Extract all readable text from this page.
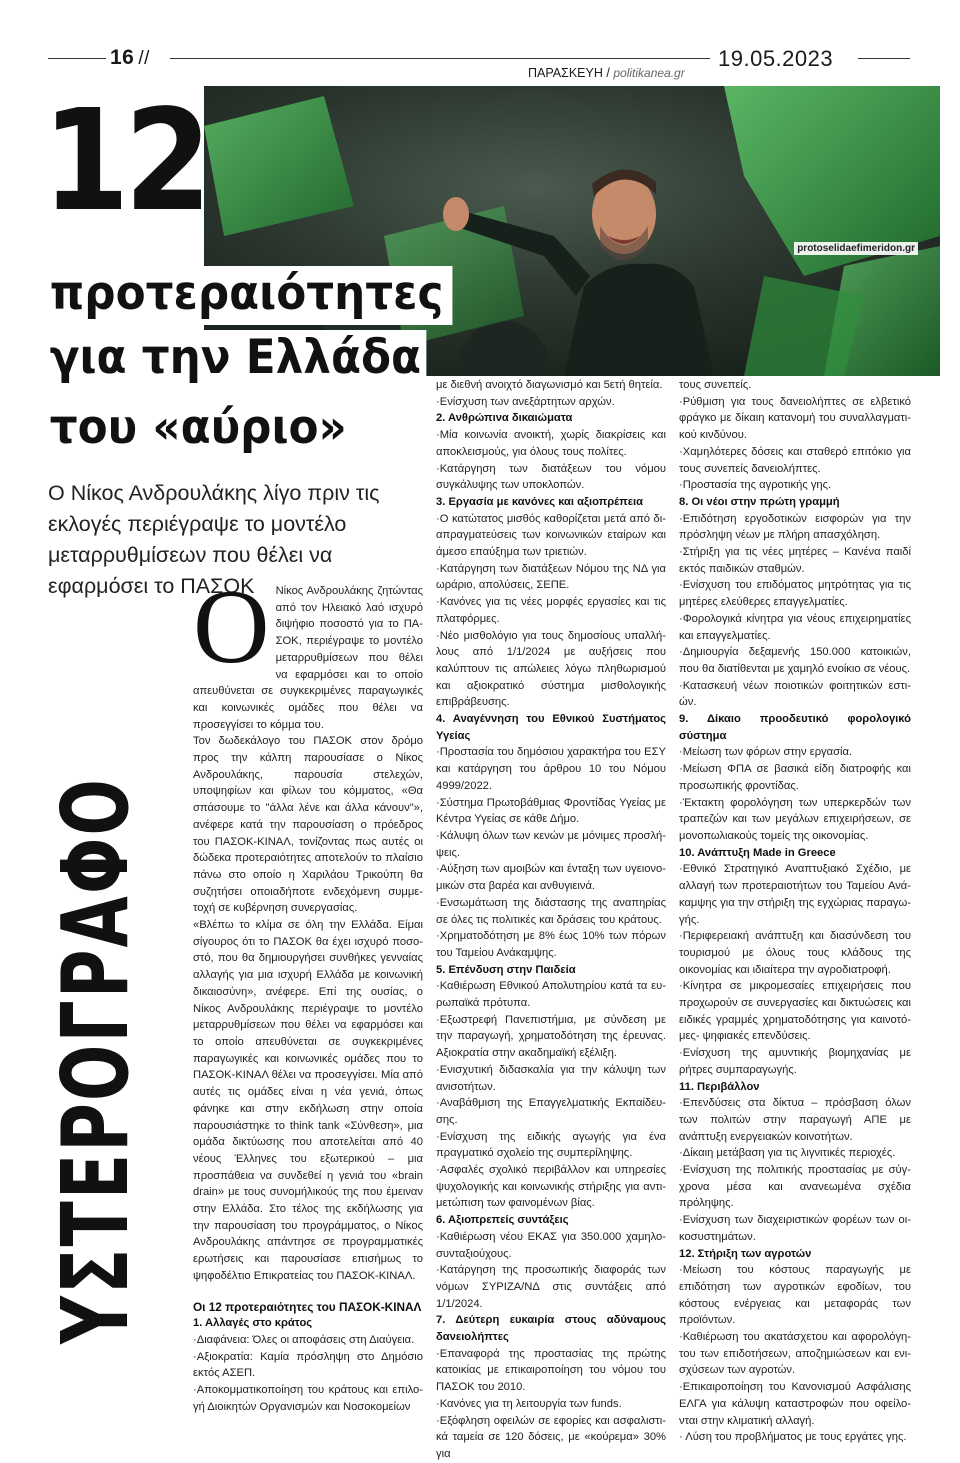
16 //
ΠΑΡΑΣΚΕΥΗ / politikanea.gr
19.05.2023
protoselidaefimeridon.gr
12
προτεραιότητες
για την Ελλάδα
του «αύριο»
Ο Νίκος Ανδρουλάκης λίγο πριν τις εκλογές περιέγραψε το μοντέλο μεταρρυθμίσεων που θέλει να εφαρμόσει το ΠΑΣΟΚ
ΥΣΤΕΡΟΓΡΑΦΟ

Ο Νίκος Ανδρουλάκης ζητώντας από τον Ηλειακό λαό ισχυρό διψήφιο ποσοστό για το ΠΑΣΟΚ, περιέγραψε το μοντέλο μεταρρυθμίσεων που θέλει να εφαρμόσει και το οποίο απευθύνεται σε συγκεκριμένες παραγωγικές και κοινωνικές ομάδες που θέλει να προσεγγίσει το κόμμα του.

Τον δωδεκάλογο του ΠΑΣΟΚ στον δρόμο προς την κάλπη παρουσίασε ο Νίκος Ανδρουλάκης, παρουσία στελεχών, υποψηφίων και φίλων του κόμματος, «Θα σπάσουμε το "άλλα λένε και άλλα κάνουν"», ανέφερε κατά την παρουσίαση ο πρόεδρος του ΠΑΣΟΚ-ΚΙΝΑΛ, τονίζοντας πως αυτές οι δώδεκα προτεραιότητες αποτελούν το πλαίσιο πάνω στο οποίο η Χαριλάου Τρικούπη θα συζητήσει οποιαδήποτε ενδεχόμενη συμμετοχή σε κυβέρνηση συνεργασίας.

«Βλέπω το κλίμα σε όλη την Ελλάδα. Είμαι σίγουρος ότι το ΠΑΣΟΚ θα έχει ισχυρό ποσοστό, που θα δημιουργήσει συνθήκες γενναίας αλλαγής για μια ισχυρή Ελλάδα με κοινωνική δικαιοσύνη», ανέφερε. Επί της ουσίας, ο Νίκος Ανδρουλάκης περιέγραψε το μοντέλο μεταρρυθμίσεων που θέλει να εφαρμόσει και το οποίο απευθύνεται σε συγκεκριμένες παραγωγικές και κοινωνικές ομάδες που το ΠΑΣΟΚ-ΚΙΝΑΛ θέλει να προσεγγίσει. Μία από αυτές τις ομάδες είναι η νέα γενιά, όπως φάνηκε και στην εκδήλωση στην οποία παρουσιάστηκε το think tank «Σύνθεση», μια ομάδα δικτύωσης που αποτελείται από 40 νέους Έλληνες του εξωτερικού – μια προσπάθεια να συνδεθεί η γενιά του «brain drain» με τους συνομήλικούς της που έμειναν στην Ελλάδα. Στο τέλος της εκδήλωσης για την παρουσίαση του προγράμματος, ο Νίκος Ανδρουλάκης απάντησε σε προγραμματικές ερωτήσεις και παρουσίασε επισήμως το ψηφοδέλτιο Επικρατείας του ΠΑΣΟΚ-ΚΙΝΑΛ.

Οι 12 προτεραιότητες του ΠΑΣΟΚ-ΚΙΝΑΛ

1. Αλλαγές στο κράτος

·Διαφάνεια: Όλες οι αποφάσεις στη Διαύγεια.

·Αξιοκρατία: Καμία πρόσληψη στο Δημόσιο εκτός ΑΣΕΠ.

·Αποκομματικοποίηση του κράτους και επιλογή Διοικητών Οργανισμών και Νοσοκομείων

με διεθνή ανοιχτό διαγωνισμό και 5ετή θητεία.

·Ενίσχυση των ανεξάρτητων αρχών.

2. Ανθρώπινα δικαιώματα

·Μία κοινωνία ανοικτή, χωρίς διακρίσεις και αποκλεισμούς, για όλους τους πολίτες.

·Κατάργηση των διατάξεων του νόμου συγκάλυψης των υποκλοπών.

3. Εργασία με κανόνες και αξιοπρέπεια

·Ο κατώτατος μισθός καθορίζεται μετά από διαπραγματεύσεις των κοινωνικών εταίρων και άμεσο επαύξημα των τριετιών.

·Κατάργηση των διατάξεων Νόμου της ΝΔ για ωράριο, απολύσεις, ΣΕΠΕ.

·Κανόνες για τις νέες μορφές εργασίες και τις πλατφόρμες.

·Νέο μισθολόγιο για τους δημοσίους υπαλλήλους από 1/1/2024 με αυξήσεις που καλύπτουν τις απώλειες λόγω πληθωρισμού και αξιοκρατικό σύστημα μισθολογικής επιβράβευσης.

4. Αναγέννηση του Εθνικού Συστήματος Υγείας

·Προστασία του δημόσιου χαρακτήρα του ΕΣΥ και κατάργηση του άρθρου 10 του Νόμου 4999/2022.

·Σύστημα Πρωτοβάθμιας Φροντίδας Υγείας με Κέντρα Υγείας σε κάθε Δήμο.

·Κάλυψη όλων των κενών με μόνιμες προσλήψεις.

·Αύξηση των αμοιβών και ένταξη των υγειονομικών στα βαρέα και ανθυγιεινά.

·Ενσωμάτωση της διάστασης της αναπηρίας σε όλες τις πολιτικές και δράσεις του κράτους.

·Χρηματοδότηση με 8% έως 10% των πόρων του Ταμείου Ανάκαμψης.

5. Επένδυση στην Παιδεία

·Καθιέρωση Εθνικού Απολυτηρίου κατά τα ευρωπαϊκά πρότυπα.

·Εξωστρεφή Πανεπιστήμια, με σύνδεση με την παραγωγή, χρηματοδότηση της έρευνας. Αξιοκρατία στην ακαδημαϊκή εξέλιξη.

·Ενισχυτική διδασκαλία για την κάλυψη των ανισοτήτων.

·Αναβάθμιση της Επαγγελματικής Εκπαίδευσης.

·Ενίσχυση της ειδικής αγωγής για ένα πραγματικό σχολείο της συμπερίληψης.

·Ασφαλές σχολικό περιβάλλον και υπηρεσίες ψυχολογικής και κοινωνικής στήριξης για αντιμετώπιση των φαινομένων βίας.

6. Αξιοπρεπείς συντάξεις

·Καθιέρωση νέου ΕΚΑΣ για 350.000 χαμηλοσυνταξιούχους.

·Κατάργηση της προσωπικής διαφοράς των νόμων ΣΥΡΙΖΑ/ΝΔ στις συντάξεις από 1/1/2024.

7. Δεύτερη ευκαιρία στους αδύναμους δανειολήπτες

·Επαναφορά της προστασίας της πρώτης κατοικίας με επικαιροποίηση του νόμου του ΠΑΣΟΚ του 2010.

·Κανόνες για τη λειτουργία των funds.

·Εξόφληση οφειλών σε εφορίες και ασφαλιστικά ταμεία σε 120 δόσεις, με «κούρεμα» 30% για

τους συνεπείς.

·Ρύθμιση για τους δανειολήπτες σε ελβετικό φράγκο με δίκαιη κατανομή του συναλλαγματικού κινδύνου.

·Χαμηλότερες δόσεις και σταθερό επιτόκιο για τους συνεπείς δανειολήπτες.

·Προστασία της αγροτικής γης.

8. Οι νέοι στην πρώτη γραμμή

·Επιδότηση εργοδοτικών εισφορών για την πρόσληψη νέων με πλήρη απασχόληση.

·Στήριξη για τις νέες μητέρες – Κανένα παιδί εκτός παιδικών σταθμών.

·Ενίσχυση του επιδόματος μητρότητας για τις μητέρες ελεύθερες επαγγελματίες.

·Φορολογικά κίνητρα για νέους επιχειρηματίες και επαγγελματίες.

·Δημιουργία δεξαμενής 150.000 κατοικιών, που θα διατίθενται με χαμηλό ενοίκιο σε νέους.

·Κατασκευή νέων ποιοτικών φοιτητικών εστιών.

9. Δίκαιο προοδευτικό φορολογικό σύστημα

·Μείωση των φόρων στην εργασία.

·Μείωση ΦΠΑ σε βασικά είδη διατροφής και προσωπικής φροντίδας.

·Έκτακτη φορολόγηση των υπερκερδών των τραπεζών και των μεγάλων επιχειρήσεων, σε μονοπωλιακούς τομείς της οικονομίας.

10. Ανάπτυξη Made in Greece

·Εθνικό Στρατηγικό Αναπτυξιακό Σχέδιο, με αλλαγή των προτεραιοτήτων του Ταμείου Ανάκαμψης για την στήριξη της εγχώριας παραγωγής.

·Περιφερειακή ανάπτυξη και διασύνδεση του τουρισμού με όλους τους κλάδους της οικονομίας και ιδιαίτερα την αγροδιατροφή.

·Κίνητρα σε μικρομεσαίες επιχειρήσεις που προχωρούν σε συνεργασίες και δικτυώσεις και ειδικές γραμμές χρηματοδότησης για καινοτόμες- ψηφιακές επενδύσεις.

·Ενίσχυση της αμυντικής βιομηχανίας με ρήτρες συμπαραγωγής.

11. Περιβάλλον

·Επενδύσεις στα δίκτυα – πρόσβαση όλων των πολιτών στην παραγωγή ΑΠΕ με ανάπτυξη ενεργειακών κοινοτήτων.

·Δίκαιη μετάβαση για τις λιγνιτικές περιοχές.

·Ενίσχυση της πολιτικής προστασίας με σύγχρονα μέσα και ανανεωμένα σχέδια πρόληψης.

·Ενίσχυση των διαχειριστικών φορέων των οικοσυστημάτων.

12. Στήριξη των αγροτών

·Μείωση του κόστους παραγωγής με επιδότηση των αγροτικών εφοδίων, του κόστους ενέργειας και μεταφοράς των προϊόντων.

·Καθιέρωση του ακατάσχετου και αφορολόγητου των επιδοτήσεων, αποζημιώσεων και ενισχύσεων των αγροτών.

·Επικαιροποίηση του Κανονισμού Ασφάλισης ΕΛΓΑ για κάλυψη καταστροφών που οφείλονται στην κλιματική αλλαγή.

· Λύση του προβλήματος με τους εργάτες γης.
